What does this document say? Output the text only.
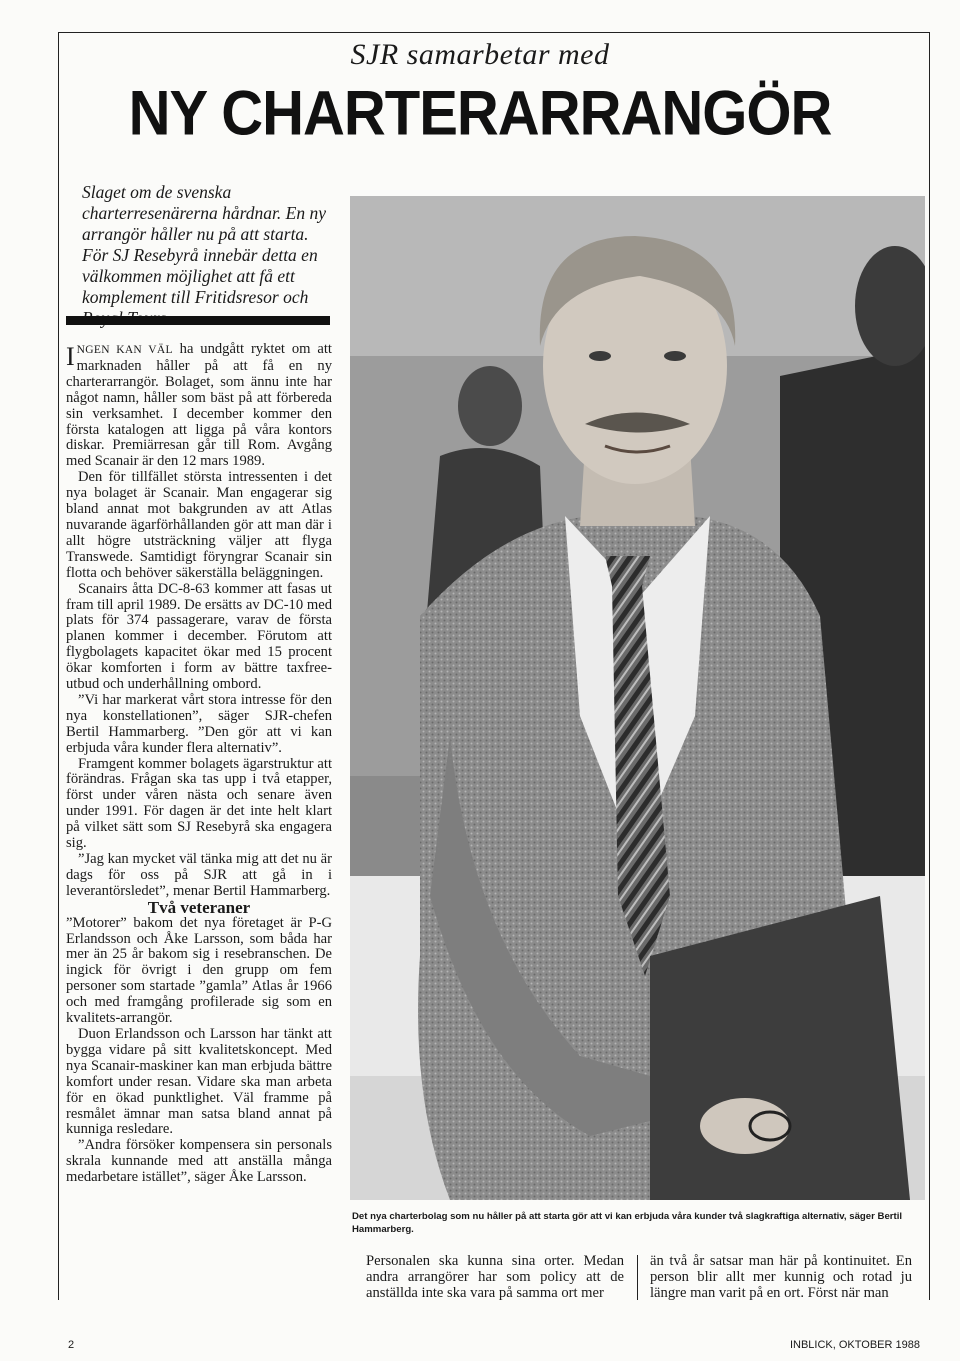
SJR samarbetar med
NY CHARTERARRANGÖR
Slaget om de svenska charterresenärerna hårdnar. En ny arrangör håller nu på att starta. För SJ Resebyrå innebär detta en välkommen möjlighet att få ett komplement till Fritidsresor och

INGEN KAN VÄL ha undgått ryktet om att marknaden håller på att få en ny charterarrangör. Bolaget, som ännu inte har något namn, håller som bäst på att förbereda sin verksamhet. I december kommer den första katalogen att ligga på våra kontors diskar. Premiärresan går till Rom. Avgång med Scanair är den 12 mars 1989.

Den för tillfället största intressenten i det nya bolaget är Scanair. Man engagerar sig bland annat mot bakgrunden av att Atlas nuvarande ägarförhållanden gör att man där i allt högre utsträckning väljer att flyga Transwede. Samtidigt föryngrar Scanair sin flotta och behöver säkerställa beläggningen.

Scanairs åtta DC-8-63 kommer att fasas ut fram till april 1989. De ersätts av DC-10 med plats för 374 passagerare, varav de första planen kommer i december. Förutom att flygbolagets kapacitet ökar med 15 procent ökar komforten i form av bättre taxfree-utbud och underhållning ombord.

”Vi har markerat vårt stora intresse för den nya konstellationen”, säger SJR-chefen Bertil Hammarberg. ”Den gör att vi kan erbjuda våra kunder flera alternativ”.

Framgent kommer bolagets ägarstruktur att förändras. Frågan ska tas upp i två etapper, först under våren nästa och senare även under 1991. För dagen är det inte helt klart på vilket sätt som SJ Resebyrå ska engagera sig.

”Jag kan mycket väl tänka mig att det nu är dags för oss på SJR att gå in i leverantörsledet”, menar Bertil Hammarberg.

Två veteraner

”Motorer” bakom det nya företaget är P-G Erlandsson och Åke Larsson, som båda har mer än 25 år bakom sig i resebranschen. De ingick för övrigt i den grupp om fem personer som startade ”gamla” Atlas år 1966 och med framgång profilerade sig som en kvalitets-arrangör.

Duon Erlandsson och Larsson har tänkt att bygga vidare på sitt kvalitetskoncept. Med nya Scanair-maskiner kan man erbjuda bättre komfort under resan. Vidare ska man arbeta för en ökad punktlighet. Väl framme på resmålet ämnar man satsa bland annat på kunniga resledare.

”Andra försöker kompensera sin personals skrala kunnande med att anställa många medarbetare istället”, säger Åke Larsson.

Det nya charterbolag som nu håller på att starta gör att vi kan erbjuda våra kunder två slagkraftiga alternativ, säger Bertil Hammarberg.
Personalen ska kunna sina orter. Medan andra arrangörer har som policy att de anställda inte ska vara på samma ort mer
än två år satsar man här på kontinuitet. En person blir allt mer kunnig och rotad ju längre man varit på en ort. Först när man
2	INBLICK, OKTOBER 1988
